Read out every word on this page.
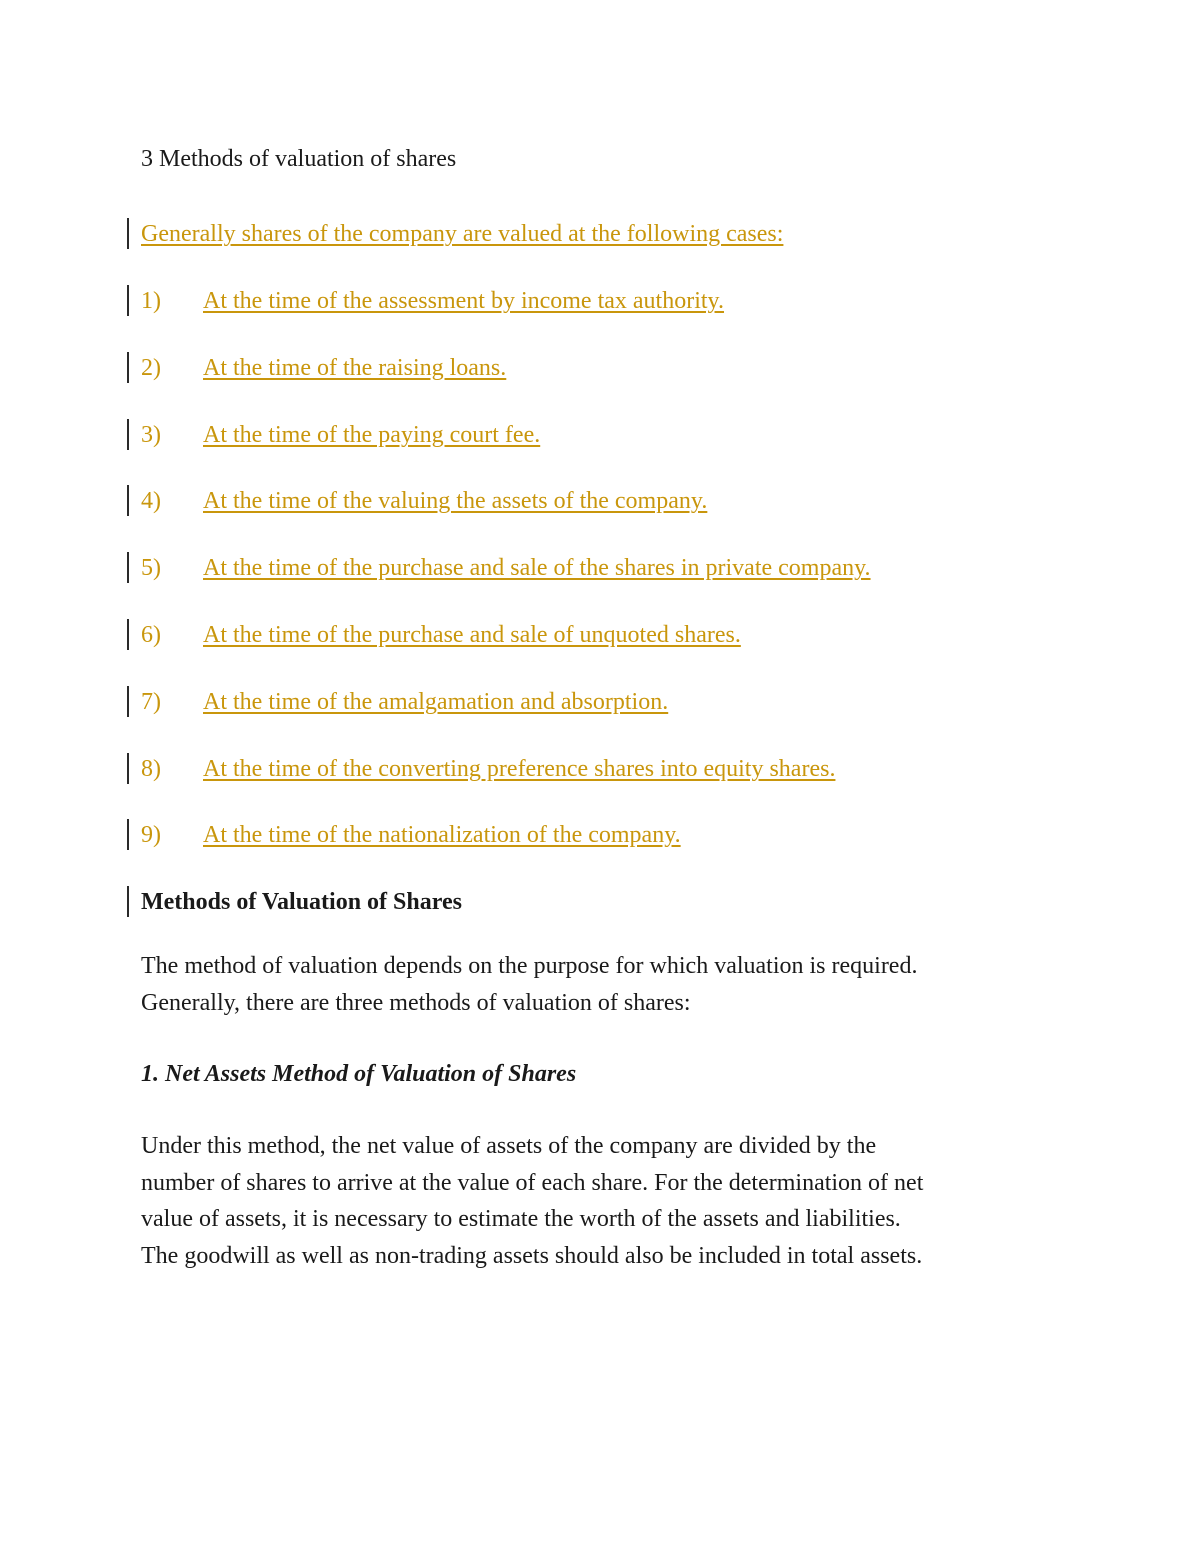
3 Methods of valuation of shares
Generally shares of the company are valued at the following cases:
1) At the time of the assessment by income tax authority.
2) At the time of the raising loans.
3) At the time of the paying court fee.
4) At the time of the valuing the assets of the company.
5) At the time of the purchase and sale of the shares in private company.
6) At the time of the purchase and sale of unquoted shares.
7) At the time of the amalgamation and absorption.
8) At the time of the converting preference shares into equity shares.
9) At the time of the nationalization of the company.
Methods of Valuation of Shares
The method of valuation depends on the purpose for which valuation is required.
Generally, there are three methods of valuation of shares:
1. Net Assets Method of Valuation of Shares
Under this method, the net value of assets of the company are divided by the
number of shares to arrive at the value of each share. For the determination of net
value of assets, it is necessary to estimate the worth of the assets and liabilities.
The goodwill as well as non-trading assets should also be included in total assets.
